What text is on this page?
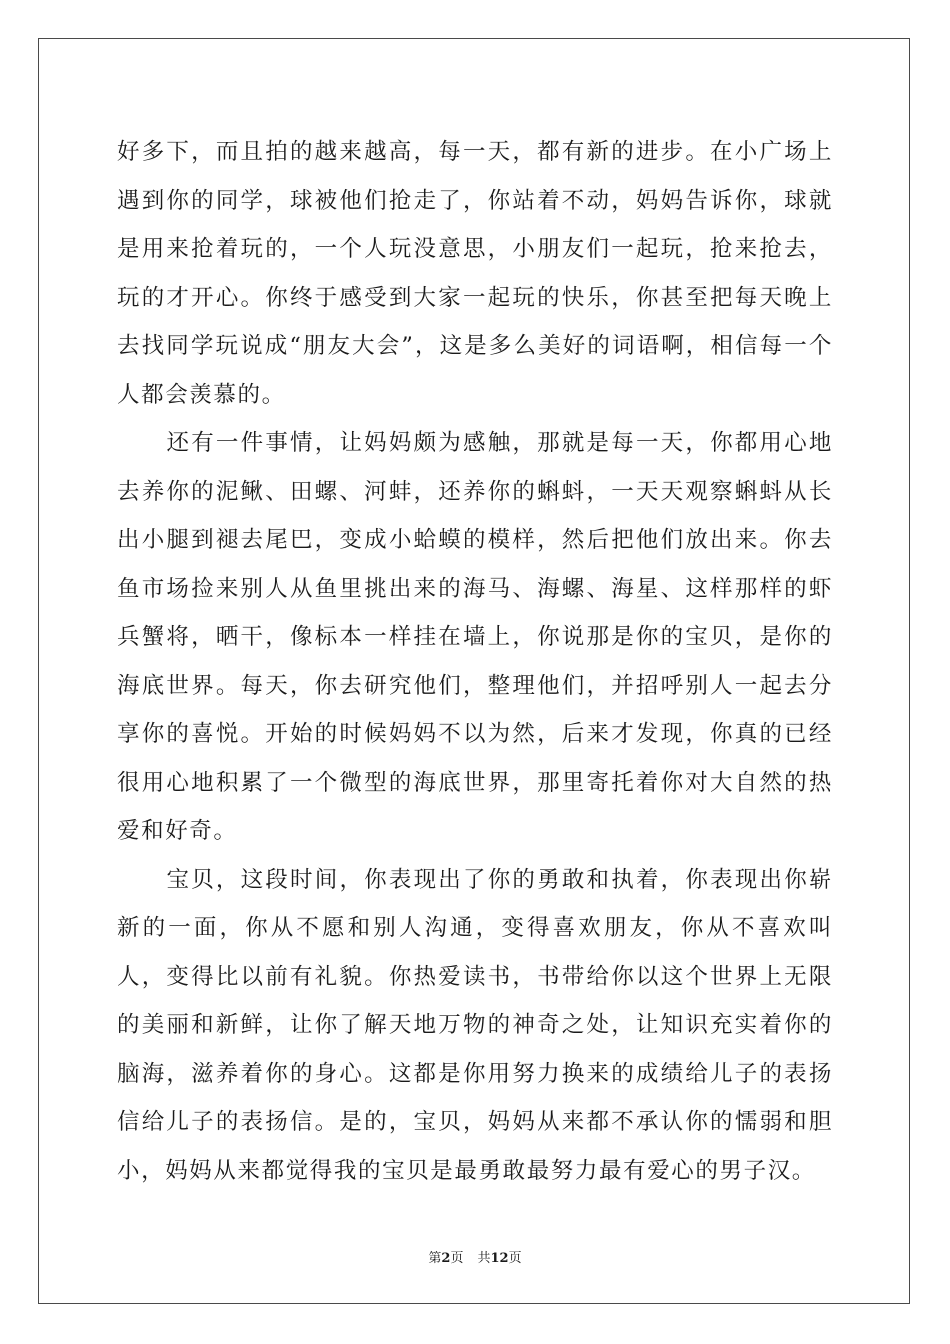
好多下，而且拍的越来越高，每一天，都有新的进步。在小广场上遇到你的同学，球被他们抢走了，你站着不动，妈妈告诉你，球就是用来抢着玩的，一个人玩没意思，小朋友们一起玩，抢来抢去，玩的才开心。你终于感受到大家一起玩的快乐，你甚至把每天晚上去找同学玩说成“朋友大会”，这是多么美好的词语啊，相信每一个人都会羡慕的。

还有一件事情，让妈妈颇为感触，那就是每一天，你都用心地去养你的泥鳅、田螺、河蚌，还养你的蝌蚪，一天天观察蝌蚪从长出小腿到褪去尾巴，变成小蛤蟆的模样，然后把他们放出来。你去鱼市场捡来别人从鱼里挑出来的海马、海螺、海星、这样那样的虾兵蟹将，晒干，像标本一样挂在墙上，你说那是你的宝贝，是你的海底世界。每天，你去研究他们，整理他们，并招呼别人一起去分享你的喜悦。开始的时候妈妈不以为然，后来才发现，你真的已经很用心地积累了一个微型的海底世界，那里寄托着你对大自然的热爱和好奇。

宝贝，这段时间，你表现出了你的勇敢和执着，你表现出你崭新的一面，你从不愿和别人沟通，变得喜欢朋友，你从不喜欢叫人，变得比以前有礼貌。你热爱读书，书带给你以这个世界上无限的美丽和新鲜，让你了解天地万物的神奇之处，让知识充实着你的脑海，滋养着你的身心。这都是你用努力换来的成绩给儿子的表扬信给儿子的表扬信。是的，宝贝，妈妈从来都不承认你的懦弱和胆小，妈妈从来都觉得我的宝贝是最勇敢最努力最有爱心的男子汉。

第2页 共12页
